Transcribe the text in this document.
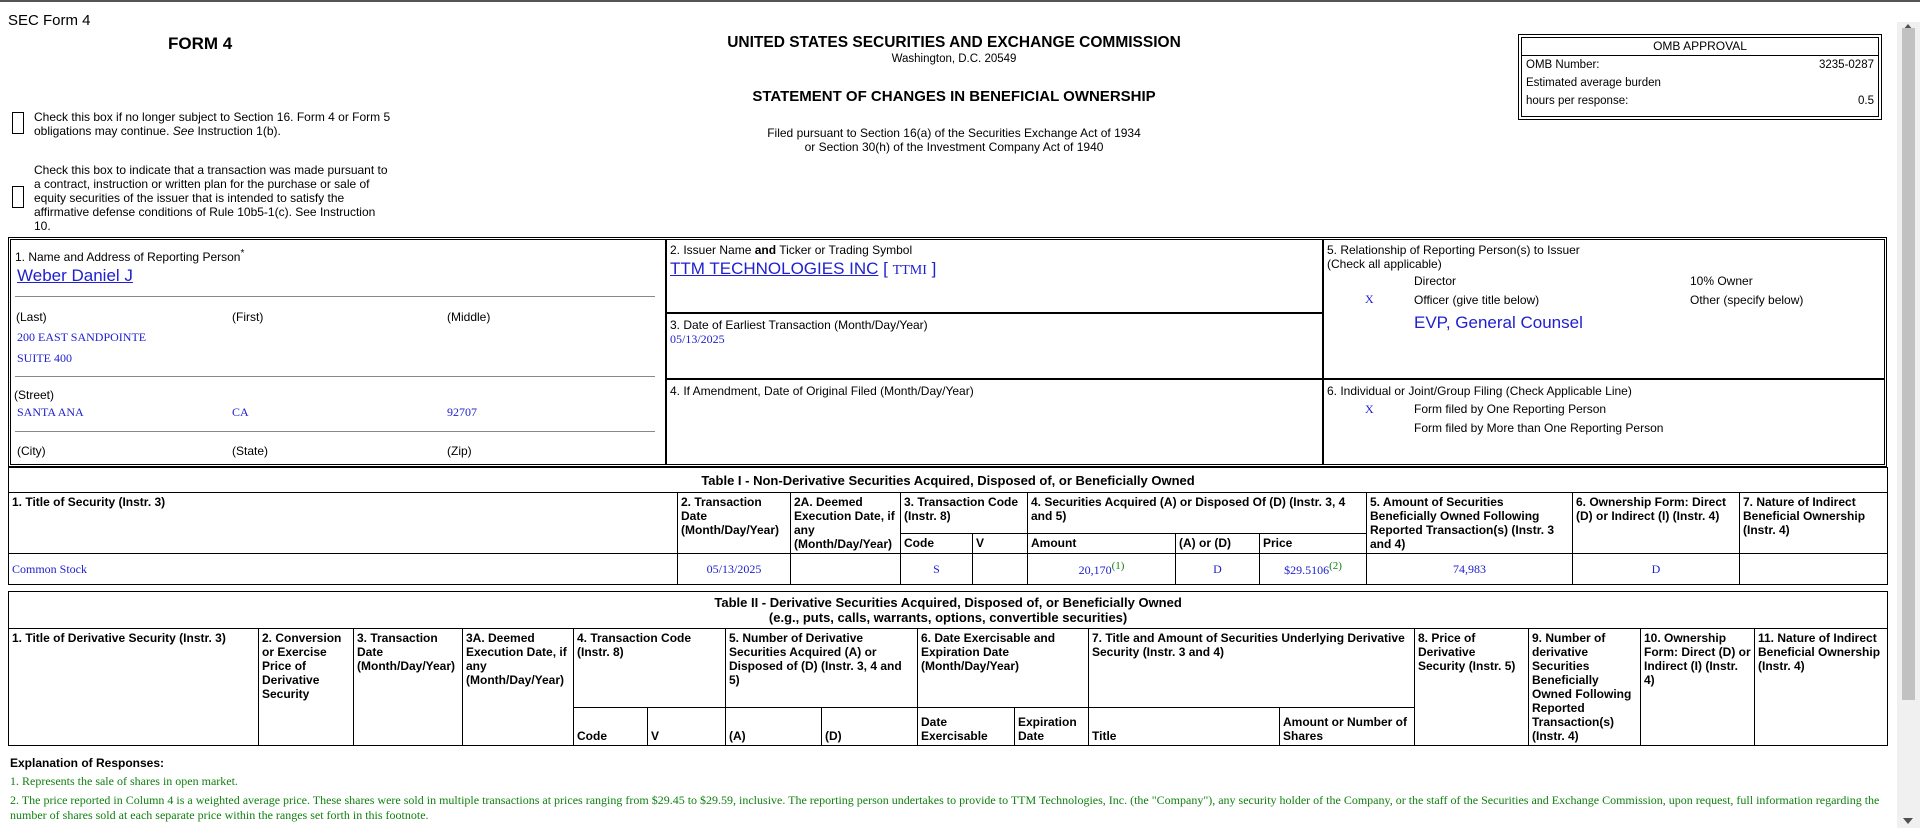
SEC Form 4
FORM 4	UNITED STATES SECURITIES AND EXCHANGE COMMISSION
Washington, D.C. 20549
STATEMENT OF CHANGES IN BENEFICIAL OWNERSHIP
Filed pursuant to Section 16(a) of the Securities Exchange Act of 1934
or Section 30(h) of the Investment Company Act of 1940
Check this box if no longer subject to Section 16. Form 4 or Form 5
obligations may continue. See Instruction 1(b).
Check this box to indicate that a transaction was made pursuant to
a contract, instruction or written plan for the purchase or sale of
equity securities of the issuer that is intended to satisfy the
affirmative defense conditions of Rule 10b5-1(c). See Instruction
10.
OMB APPROVAL
OMB Number:	3235-0287
Estimated average burden
hours per response:	0.5
1. Name and Address of Reporting Person*
Weber Daniel J
(Last)	(First)	(Middle)
200 EAST SANDPOINTE
SUITE 400
(Street)
SANTA ANA	CA	92707
(City)	(State)	(Zip)
2. Issuer Name and Ticker or Trading Symbol
TTM TECHNOLOGIES INC [ TTMI ]
3. Date of Earliest Transaction (Month/Day/Year)
05/13/2025
4. If Amendment, Date of Original Filed (Month/Day/Year)
5. Relationship of Reporting Person(s) to Issuer
(Check all applicable)
Director	10% Owner
X	Officer (give title below)	Other (specify below)
EVP, General Counsel
6. Individual or Joint/Group Filing (Check Applicable Line)
X	Form filed by One Reporting Person
Form filed by More than One Reporting Person
Table I - Non-Derivative Securities Acquired, Disposed of, or Beneficially Owned										
1. Title of Security (Instr. 3)	2. Transaction Date (Month/Day/Year)	2A. Deemed Execution Date, if any (Month/Day/Year)	3. Transaction Code (Instr. 8)		4. Securities Acquired (A) or Disposed Of (D) (Instr. 3, 4 and 5)			5. Amount of Securities Beneficially Owned Following Reported Transaction(s) (Instr. 3 and 4)	6. Ownership Form: Direct (D) or Indirect (I) (Instr. 4)	7. Nature of Indirect Beneficial Ownership (Instr. 4)
			Code	V	Amount	(A) or (D)	Price			
Common Stock	05/13/2025		S		20,170$^{(1)}$	D	$29.5106$^{(2)}$	74,983	D	
Table II - Derivative Securities Acquired, Disposed of, or Beneficially Owned
(e.g., puts, calls, warrants, options, convertible securities)															

1. Title of Derivative Security (Instr. 3)	2. Conversion or Exercise Price of Derivative Security	3. Transaction Date (Month/Day/Year)	3A. Deemed Execution Date, if any (Month/Day/Year)	4. Transaction Code (Instr. 8)		5. Number of Derivative Securities Acquired (A) or Disposed of (D) (Instr. 3, 4 and 5)		6. Date Exercisable and Expiration Date (Month/Day/Year)		7. Title and Amount of Securities Underlying Derivative Security (Instr. 3 and 4)		8. Price of Derivative Security (Instr. 5)	9. Number of derivative Securities Beneficially Owned Following Reported Transaction(s) (Instr. 4)	10. Ownership Form: Direct (D) or Indirect (I) (Instr. 4)	11. Nature of Indirect Beneficial Ownership (Instr. 4)
				Code	V	(A)	(D)	Date Exercisable	Expiration Date	Title	Amount or Number of Shares				
Explanation of Responses:
1. Represents the sale of shares in open market.
2. The price reported in Column 4 is a weighted average price. These shares were sold in multiple transactions at prices ranging from $29.45 to $29.59, inclusive. The reporting person undertakes to provide to TTM Technologies, Inc. (the "Company"), any security holder of the Company, or the staff of the Securities and Exchange Commission, upon request, full information regarding the number of shares sold at each separate price within the ranges set forth in this footnote.
